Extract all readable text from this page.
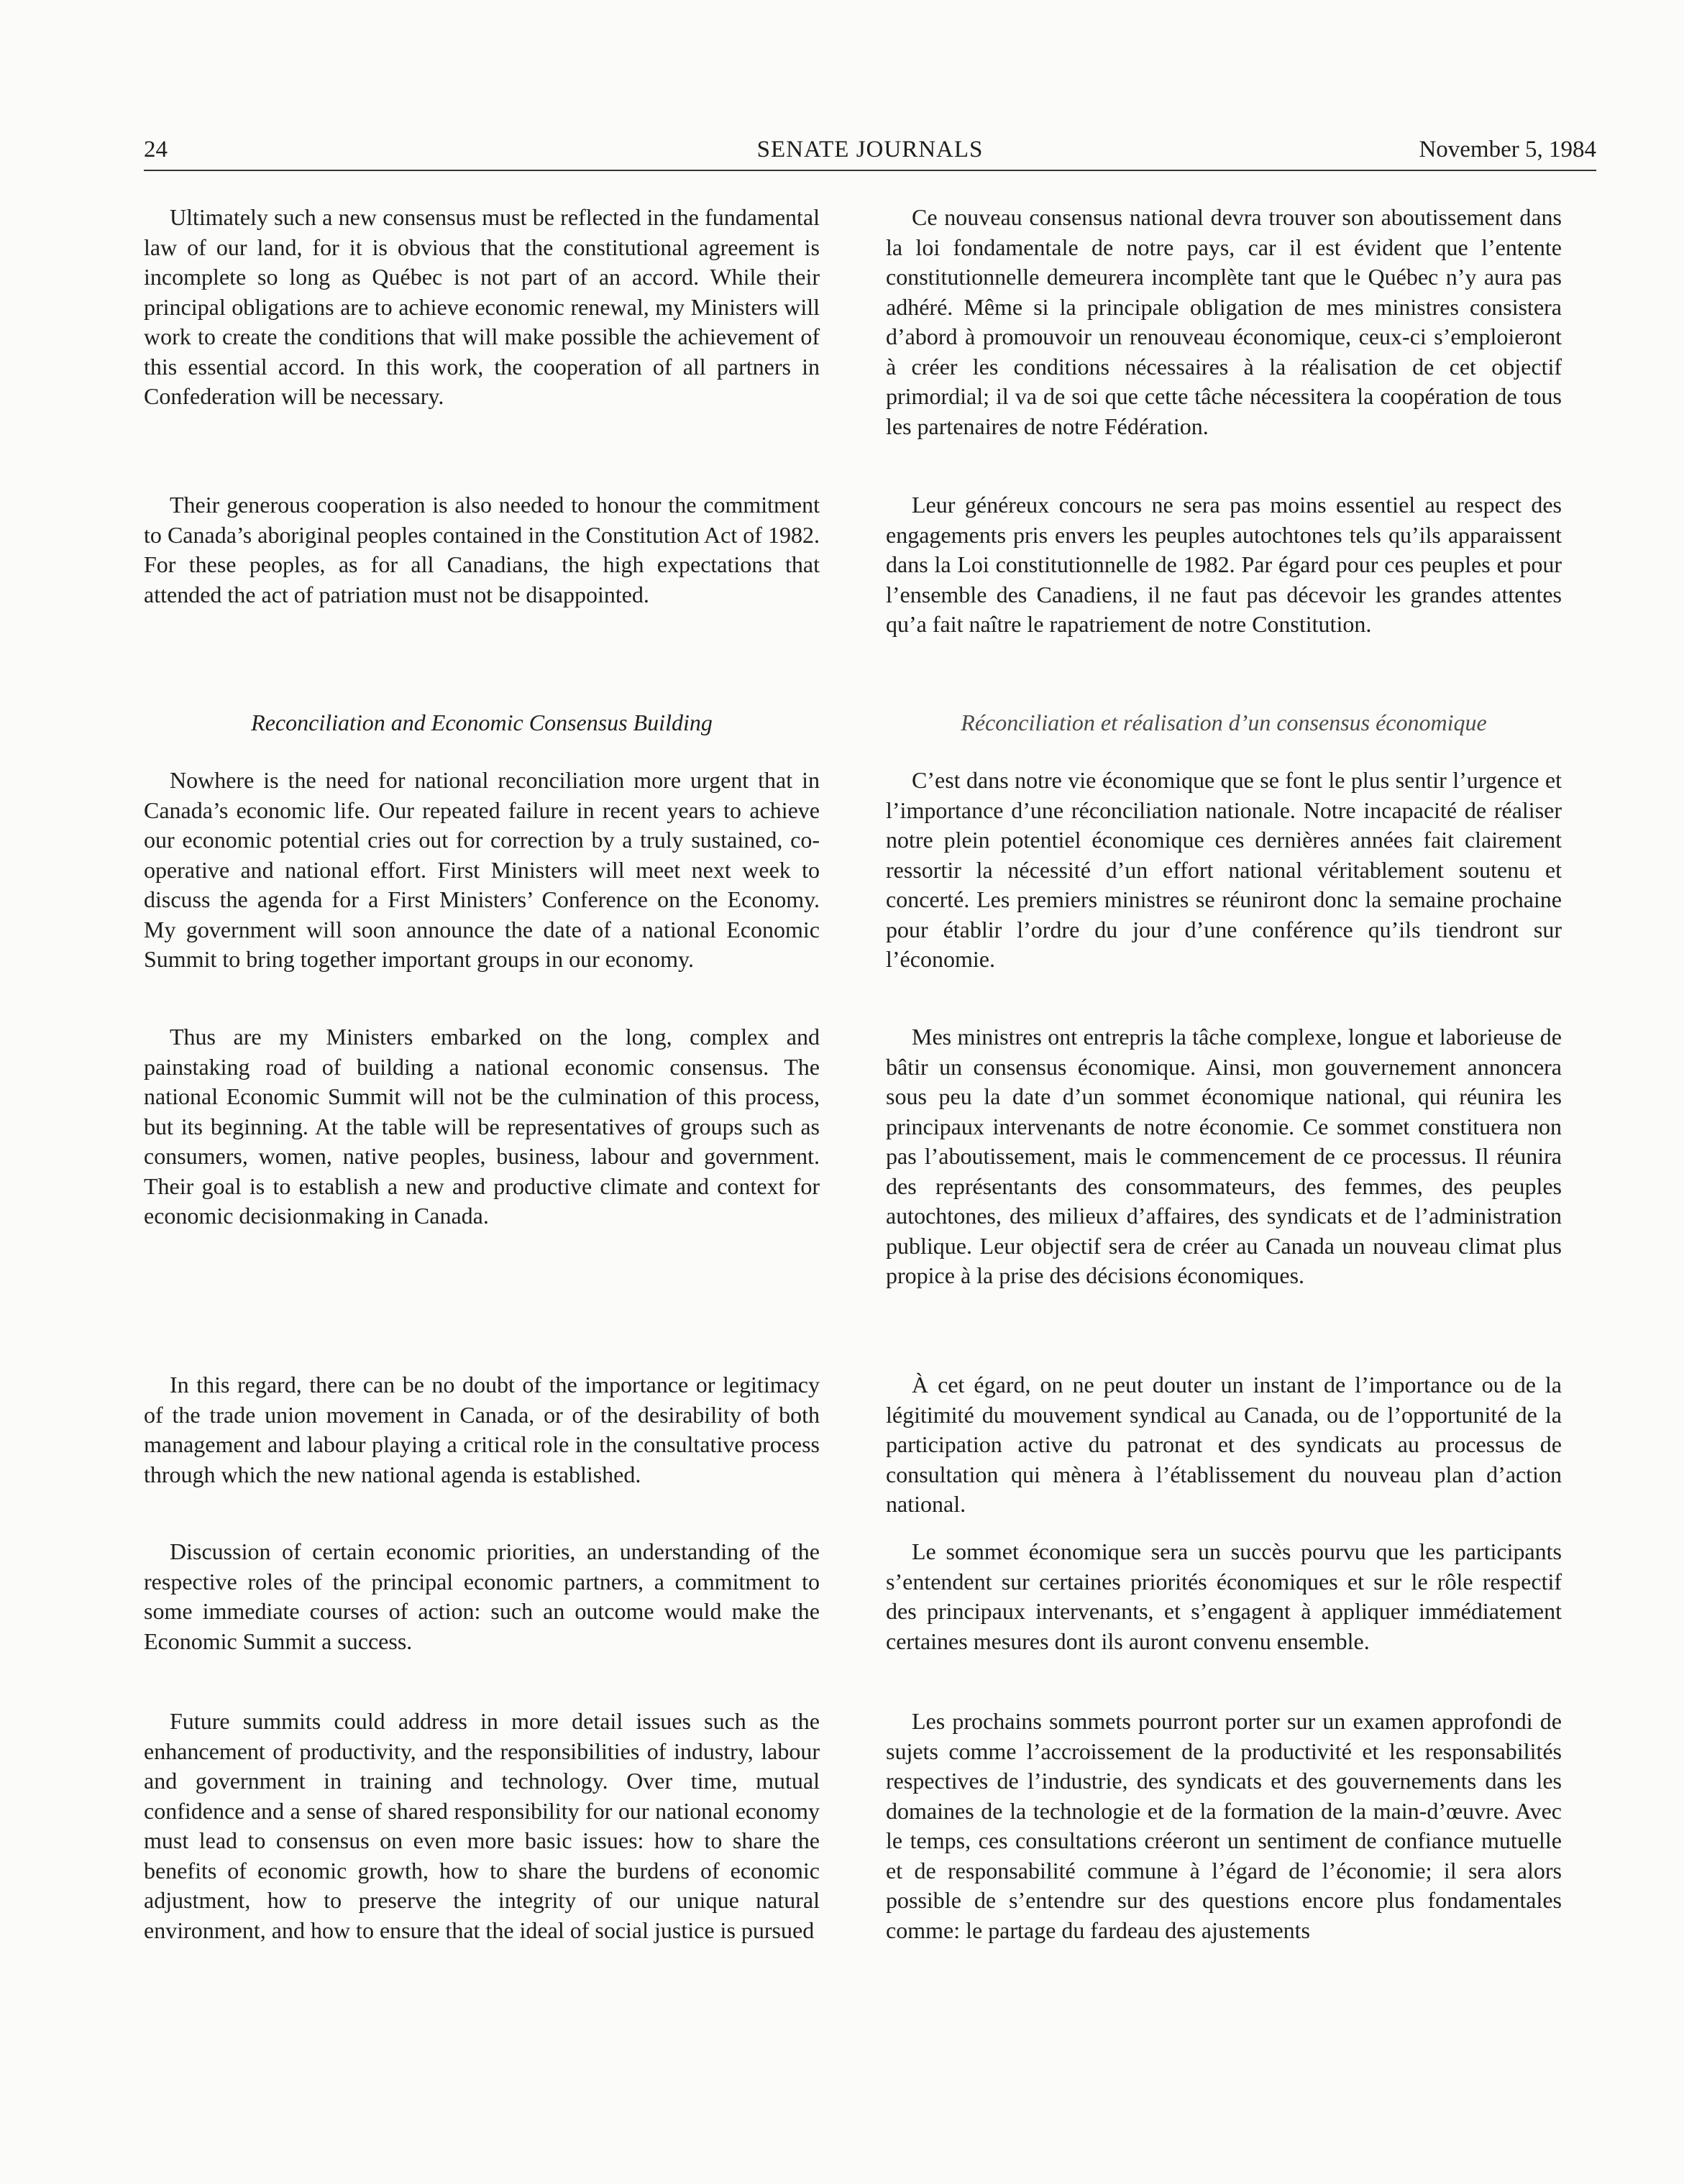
24	SENATE JOURNALS	November 5, 1984

Ultimately such a new consensus must be reflected in the fundamental law of our land, for it is obvious that the constitutional agreement is incomplete so long as Québec is not part of an accord. While their principal obligations are to achieve economic renewal, my Ministers will work to create the conditions that will make possible the achievement of this essential accord. In this work, the cooperation of all partners in Confederation will be necessary.

Their generous cooperation is also needed to honour the commitment to Canada’s aboriginal peoples contained in the Constitution Act of 1982. For these peoples, as for all Canadians, the high expectations that attended the act of patriation must not be disappointed.

Reconciliation and Economic Consensus Building

Nowhere is the need for national reconciliation more urgent that in Canada’s economic life. Our repeated failure in recent years to achieve our economic potential cries out for correction by a truly sustained, co-operative and national effort. First Ministers will meet next week to discuss the agenda for a First Ministers’ Conference on the Economy. My government will soon announce the date of a national Economic Summit to bring together important groups in our economy.

Thus are my Ministers embarked on the long, complex and painstaking road of building a national economic consensus. The national Economic Summit will not be the culmination of this process, but its beginning. At the table will be representatives of groups such as consumers, women, native peoples, business, labour and government. Their goal is to establish a new and productive climate and context for economic decisionmaking in Canada.

In this regard, there can be no doubt of the importance or legitimacy of the trade union movement in Canada, or of the desirability of both management and labour playing a critical role in the consultative process through which the new national agenda is established.

Discussion of certain economic priorities, an understanding of the respective roles of the principal economic partners, a commitment to some immediate courses of action: such an outcome would make the Economic Summit a success.

Future summits could address in more detail issues such as the enhancement of productivity, and the responsibilities of industry, labour and government in training and technology. Over time, mutual confidence and a sense of shared responsibility for our national economy must lead to consensus on even more basic issues: how to share the benefits of economic growth, how to share the burdens of economic adjustment, how to preserve the integrity of our unique natural environment, and how to ensure that the ideal of social justice is pursued

Ce nouveau consensus national devra trouver son aboutissement dans la loi fondamentale de notre pays, car il est évident que l’entente constitutionnelle demeurera incomplète tant que le Québec n’y aura pas adhéré. Même si la principale obligation de mes ministres consistera d’abord à promouvoir un renouveau économique, ceux-ci s’emploieront à créer les conditions nécessaires à la réalisation de cet objectif primordial; il va de soi que cette tâche nécessitera la coopération de tous les partenaires de notre Fédération.

Leur généreux concours ne sera pas moins essentiel au respect des engagements pris envers les peuples autochtones tels qu’ils apparaissent dans la Loi constitutionnelle de 1982. Par égard pour ces peuples et pour l’ensemble des Canadiens, il ne faut pas décevoir les grandes attentes qu’a fait naître le rapatriement de notre Constitution.

Réconciliation et réalisation d’un consensus économique

C’est dans notre vie économique que se font le plus sentir l’urgence et l’importance d’une réconciliation nationale. Notre incapacité de réaliser notre plein potentiel économique ces dernières années fait clairement ressortir la nécessité d’un effort national véritablement soutenu et concerté. Les premiers ministres se réuniront donc la semaine prochaine pour établir l’ordre du jour d’une conférence qu’ils tiendront sur l’économie.

Mes ministres ont entrepris la tâche complexe, longue et laborieuse de bâtir un consensus économique. Ainsi, mon gouvernement annoncera sous peu la date d’un sommet économique national, qui réunira les principaux intervenants de notre économie. Ce sommet constituera non pas l’aboutissement, mais le commencement de ce processus. Il réunira des représentants des consommateurs, des femmes, des peuples autochtones, des milieux d’affaires, des syndicats et de l’administration publique. Leur objectif sera de créer au Canada un nouveau climat plus propice à la prise des décisions économiques.

À cet égard, on ne peut douter un instant de l’importance ou de la légitimité du mouvement syndical au Canada, ou de l’opportunité de la participation active du patronat et des syndicats au processus de consultation qui mènera à l’établissement du nouveau plan d’action national.

Le sommet économique sera un succès pourvu que les participants s’entendent sur certaines priorités économiques et sur le rôle respectif des principaux intervenants, et s’engagent à appliquer immédiatement certaines mesures dont ils auront convenu ensemble.

Les prochains sommets pourront porter sur un examen approfondi de sujets comme l’accroissement de la productivité et les responsabilités respectives de l’industrie, des syndicats et des gouvernements dans les domaines de la technologie et de la formation de la main-d’œuvre. Avec le temps, ces consultations créeront un sentiment de confiance mutuelle et de responsabilité commune à l’égard de l’économie; il sera alors possible de s’entendre sur des questions encore plus fondamentales comme: le partage du fardeau des ajustements
